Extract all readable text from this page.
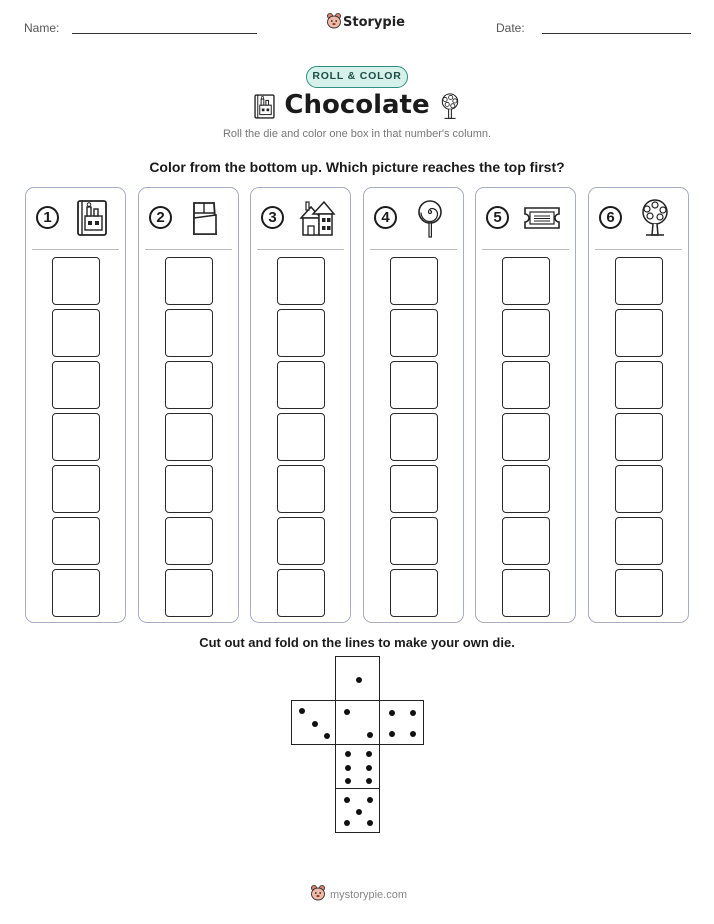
Name:	Storypie	Date:
ROLL & COLOR
Chocolate
Roll the die and color one box in that number's column.
Color from the bottom up. Which picture reaches the top first?
1	2	3	4	5	6
Cut out and fold on the lines to make your own die.
mystorypie.com
